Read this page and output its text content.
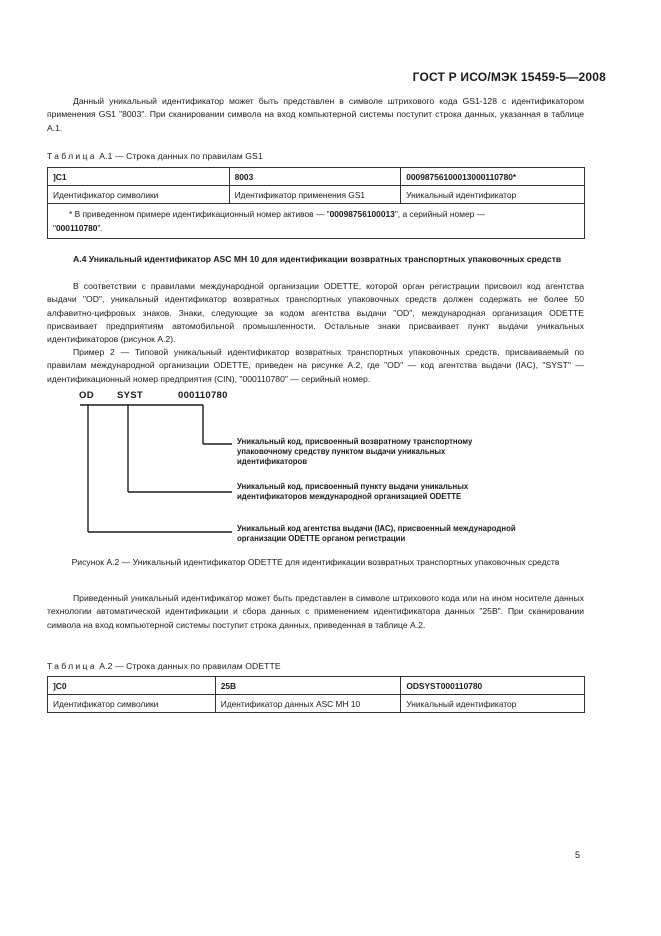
ГОСТ Р ИСО/МЭК 15459-5—2008

Данный уникальный идентификатор может быть представлен в символе штрихового кода GS1-128 с идентификатором применения GS1 "8003". При сканировании символа на вход компьютерной системы поступит строка данных, указанная в таблице А.1.

Таблица А.1 — Строка данных по правилам GS1
]C1	8003	00098756100013000110780*
Идентификатор символики	Идентификатор применения GS1	Уникальный идентификатор
* В приведенном примере идентификационный номер активов — "00098756100013", а серийный номер —
"000110780".		
А.4 Уникальный идентификатор ASC MH 10 для идентификации возвратных транспортных упаковочных средств

В соответствии с правилами международной организации ODETTE, которой орган регистрации присвоил код агентства выдачи "OD", уникальный идентификатор возвратных транспортных упаковочных средств должен содержать не более 50 алфавитно-цифровых знаков. Знаки, следующие за кодом агентства выдачи "OD", международная организация ODETTE присваивает предприятиям автомобильной промышленности. Остальные знаки присваивает пункт выдачи уникальных идентификаторов (рисунок А.2).

Пример 2 — Типовой уникальный идентификатор возвратных транспортных упаковочных средств, присваиваемый по правилам международной организации ODETTE, приведен на рисунке А.2, где "OD" — код агентства выдачи (IAC), "SYST" — идентификационный номер предприятия (CIN), "000110780" — серийный номер.

OD SYST	000110780
Уникальный код, присвоенный возвратному транспортному
упаковочному средству пунктом выдачи уникальных
идентификаторов
Уникальный код, присвоенный пункту выдачи уникальных
идентификаторов международной организацией ODETTE
Уникальный код агентства выдачи (IAC), присвоенный международной
организации ODETTE органом регистрации
Рисунок А.2 — Уникальный идентификатор ODETTE для идентификации возвратных транспортных упаковочных средств

Приведенный уникальный идентификатор может быть представлен в символе штрихового кода или на ином носителе данных технологии автоматической идентификации и сбора данных с применением идентификатора данных "25B". При сканировании символа на вход компьютерной системы поступит строка данных, приведенная в таблице А.2.

Таблица А.2 — Строка данных по правилам ODETTE
]C0	25B	ODSYST000110780
Идентификатор символики	Идентификатор данных ASC MH 10	Уникальный идентификатор
5
